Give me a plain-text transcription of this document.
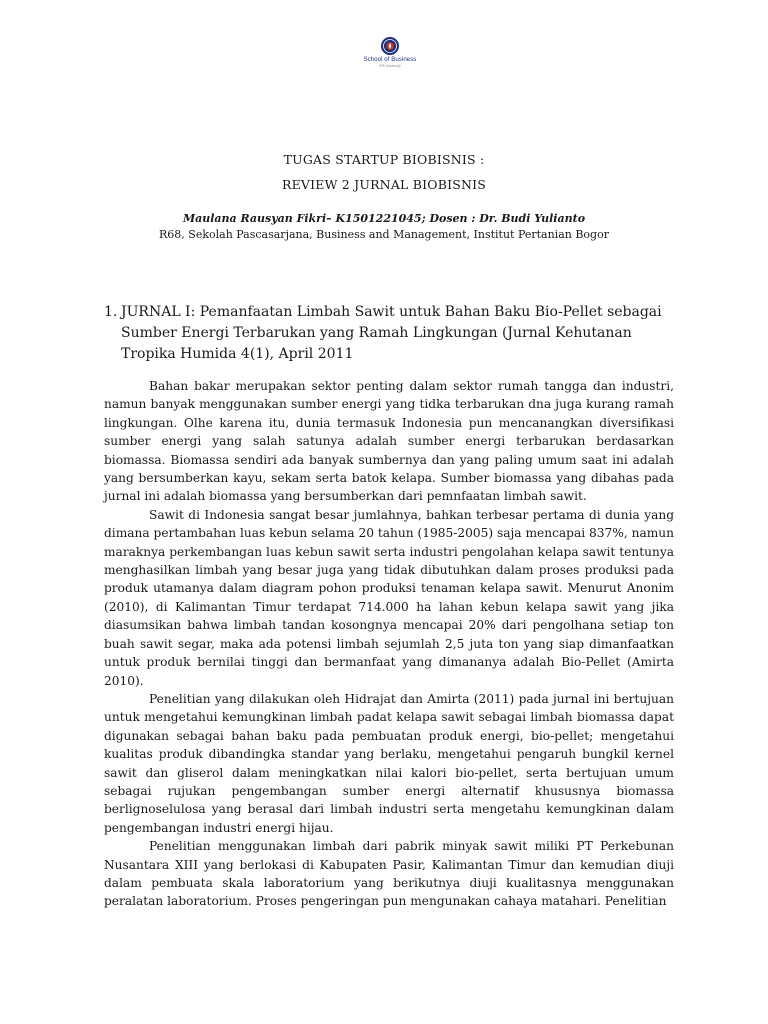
School of Business
IPB University
TUGAS STARTUP BIOBISNIS :
REVIEW 2 JURNAL BIOBISNIS
Maulana Rausyan Fikri– K1501221045; Dosen : Dr. Budi Yulianto
R68, Sekolah Pascasarjana, Business and Management, Institut Pertanian Bogor
1. JURNAL I: Pemanfaatan Limbah Sawit untuk Bahan Baku Bio-Pellet sebagai Sumber Energi Terbarukan yang Ramah Lingkungan (Jurnal Kehutanan Tropika Humida 4(1), April 2011

Bahan bakar merupakan sektor penting dalam sektor rumah tangga dan industri, namun banyak menggunakan sumber energi yang tidka terbarukan dna juga kurang ramah lingkungan. Olhe karena itu, dunia termasuk Indonesia pun mencanangkan diversifikasi sumber energi yang salah satunya adalah sumber energi terbarukan berdasarkan biomassa. Biomassa sendiri ada banyak sumbernya dan yang paling umum saat ini adalah yang bersumberkan kayu, sekam serta batok kelapa. Sumber biomassa yang dibahas pada jurnal ini adalah biomassa yang bersumberkan dari pemnfaatan limbah sawit.

Sawit di Indonesia sangat besar jumlahnya, bahkan terbesar pertama di dunia yang dimana pertambahan luas kebun selama 20 tahun (1985-2005) saja mencapai 837%, namun maraknya perkembangan luas kebun sawit serta industri pengolahan kelapa sawit tentunya menghasilkan limbah yang besar juga yang tidak dibutuhkan dalam proses produksi pada produk utamanya dalam diagram pohon produksi tenaman kelapa sawit. Menurut Anonim (2010), di Kalimantan Timur terdapat 714.000 ha lahan kebun kelapa sawit yang jika diasumsikan bahwa limbah tandan kosongnya mencapai 20% dari pengolhana setiap ton buah sawit segar, maka ada potensi limbah sejumlah 2,5 juta ton yang siap dimanfaatkan untuk produk bernilai tinggi dan bermanfaat yang dimananya adalah Bio-Pellet (Amirta 2010).

Penelitian yang dilakukan oleh Hidrajat dan Amirta (2011) pada jurnal ini bertujuan untuk mengetahui kemungkinan limbah padat kelapa sawit sebagai limbah biomassa dapat digunakan sebagai bahan baku pada pembuatan produk energi, bio-pellet; mengetahui kualitas produk dibandingka standar yang berlaku, mengetahui pengaruh bungkil kernel sawit dan gliserol dalam meningkatkan nilai kalori bio-pellet, serta bertujuan umum sebagai rujukan pengembangan sumber energi alternatif khususnya biomassa berlignoselulosa yang berasal dari limbah industri serta mengetahu kemungkinan dalam pengembangan industri energi hijau.

Penelitian menggunakan limbah dari pabrik minyak sawit miliki PT Perkebunan Nusantara XIII yang berlokasi di Kabupaten Pasir, Kalimantan Timur dan kemudian diuji dalam pembuata skala laboratorium yang berikutnya diuji kualitasnya menggunakan peralatan laboratorium. Proses pengeringan pun mengunakan cahaya matahari. Penelitian
